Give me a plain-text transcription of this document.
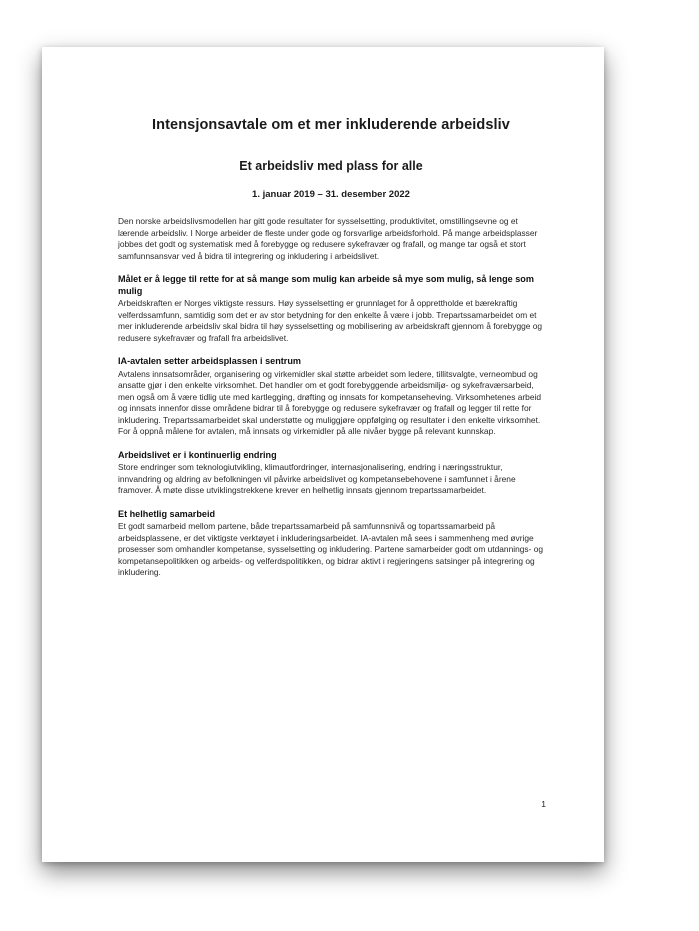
Intensjonsavtale om et mer inkluderende arbeidsliv
Et arbeidsliv med plass for alle
1. januar 2019 – 31. desember 2022

Den norske arbeidslivsmodellen har gitt gode resultater for sysselsetting, produktivitet, omstillingsevne og et lærende arbeidsliv. I Norge arbeider de fleste under gode og forsvarlige arbeidsforhold. På mange arbeidsplasser jobbes det godt og systematisk med å forebygge og redusere sykefravær og frafall, og mange tar også et stort samfunnsansvar ved å bidra til integrering og inkludering i arbeidslivet.

Målet er å legge til rette for at så mange som mulig kan arbeide så mye som mulig, så lenge som mulig

Arbeidskraften er Norges viktigste ressurs. Høy sysselsetting er grunnlaget for å opprettholde et bærekraftig velferdssamfunn, samtidig som det er av stor betydning for den enkelte å være i jobb. Trepartssamarbeidet om et mer inkluderende arbeidsliv skal bidra til høy sysselsetting og mobilisering av arbeidskraft gjennom å forebygge og redusere sykefravær og frafall fra arbeidslivet.

IA-avtalen setter arbeidsplassen i sentrum

Avtalens innsatsområder, organisering og virkemidler skal støtte arbeidet som ledere, tillitsvalgte, verneombud og ansatte gjør i den enkelte virksomhet. Det handler om et godt forebyggende arbeidsmiljø- og sykefraværsarbeid, men også om å være tidlig ute med kartlegging, drøfting og innsats for kompetanseheving. Virksomhetenes arbeid og innsats innenfor disse områdene bidrar til å forebygge og redusere sykefravær og frafall og legger til rette for inkludering. Trepartssamarbeidet skal understøtte og muliggjøre oppfølging og resultater i den enkelte virksomhet. For å oppnå målene for avtalen, må innsats og virkemidler på alle nivåer bygge på relevant kunnskap.

Arbeidslivet er i kontinuerlig endring

Store endringer som teknologiutvikling, klimautfordringer, internasjonalisering, endring i næringsstruktur, innvandring og aldring av befolkningen vil påvirke arbeidslivet og kompetansebehovene i samfunnet i årene framover. Å møte disse utviklingstrekkene krever en helhetlig innsats gjennom trepartssamarbeidet.

Et helhetlig samarbeid

Et godt samarbeid mellom partene, både trepartssamarbeid på samfunnsnivå og topartssamarbeid på arbeidsplassene, er det viktigste verktøyet i inkluderingsarbeidet. IA-avtalen må sees i sammenheng med øvrige prosesser som omhandler kompetanse, sysselsetting og inkludering. Partene samarbeider godt om utdannings- og kompetansepolitikken og arbeids- og velferdspolitikken, og bidrar aktivt i regjeringens satsinger på integrering og inkludering.

1
